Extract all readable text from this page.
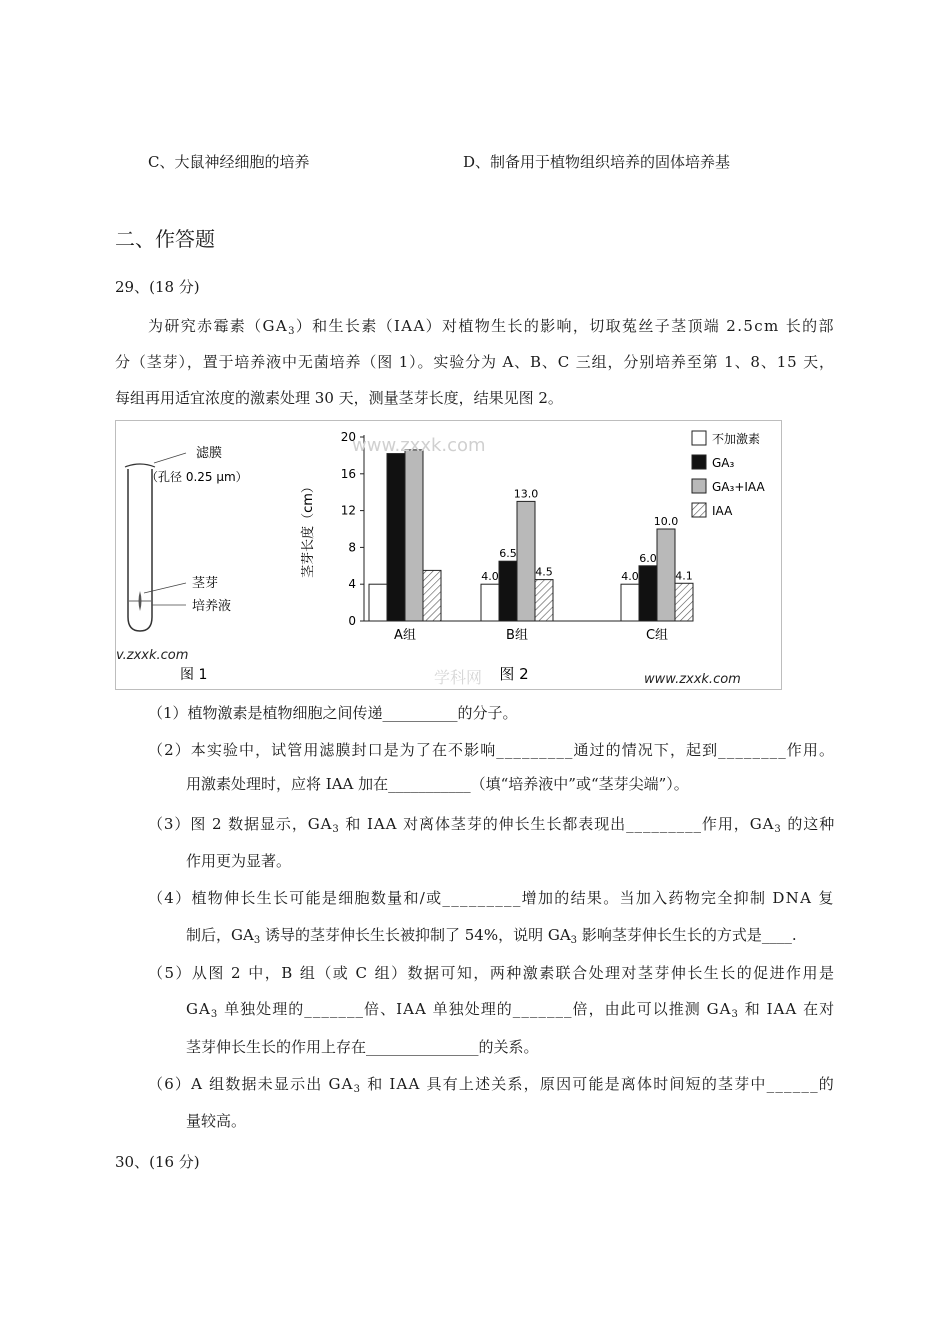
C、大鼠神经细胞的培养	D、制备用于植物组织培养的固体培养基
二、作答题
29、(18 分)
为研究赤霉素$(GA_3)$和生长素（IAA）对植物生长的影响，切取菟丝子茎顶端 2.5cm 长的部
分（茎芽），置于培养液中无菌培养（图 1）。实验分为 A、B、C 三组，分别培养至第 1、8、15 天，
每组再用适宜浓度的激素处理 30 天，测量茎芽长度，结果见图 2。
滤膜
（孔径 0.25 μm）
茎芽
培养液
图 1
v.zxxk.com
0
4
8
12
16
20
茎芽长度（cm）
A组
4.0
6.5
13.0
4.5
B组
4.0
6.0
10.0
4.1
C组
图 2
不加激素
GA₃
GA₃+IAA
IAA
www.zxxk.com
www.zxxk.com
学科网
（1）植物激素是植物细胞之间传递__________的分子。
（2）本实验中，试管用滤膜封口是为了在不影响_________通过的情况下，起到________作用。
用激素处理时，应将 IAA 加在___________（填“培养液中”或“茎芽尖端”）。
（3）图 2 数据显示，$GA_3$ 和 IAA 对离体茎芽的伸长生长都表现出_________作用，$GA_3$ 的这种
作用更为显著。
（4）植物伸长生长可能是细胞数量和/或_________增加的结果。当加入药物完全抑制 DNA 复
制后，$GA_3$ 诱导的茎芽伸长生长被抑制了 54%，说明 $GA_3$ 影响茎芽伸长生长的方式是____.
（5）从图 2 中，B 组（或 C 组）数据可知，两种激素联合处理对茎芽伸长生长的促进作用是
$GA_3$ 单独处理的_______倍、IAA 单独处理的_______倍，由此可以推测 $GA_3$ 和 IAA 在对
茎芽伸长生长的作用上存在_______________的关系。
（6）A 组数据未显示出 $GA_3$ 和 IAA 具有上述关系，原因可能是离体时间短的茎芽中______的
量较高。
30、(16 分)
